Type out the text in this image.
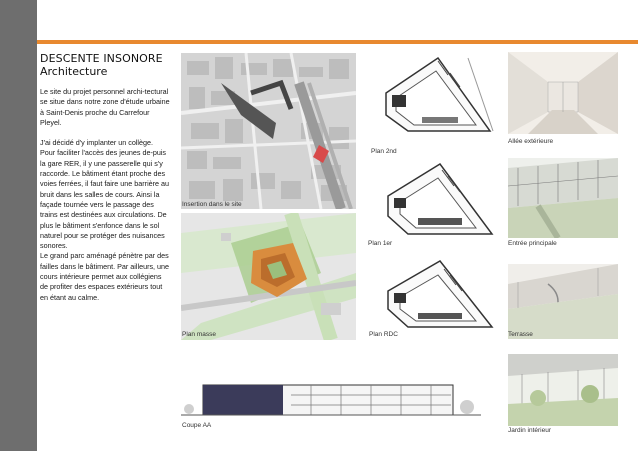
DESCENTE INSONORE
Architecture

Le site du projet personnel archi-tectural se situe dans notre zone d'étude urbaine à Saint-Denis proche du Carrefour Pleyel.

J'ai décidé d'y implanter un collège. Pour faciliter l'accès des jeunes de-puis la gare RER, il y une passerelle qui s'y raccorde. Le bâtiment étant proche des voies ferrées, il faut faire une barrière au bruit dans les salles de cours. Ainsi la façade tournée vers le passage des trains est destinées aux circulations. De plus le bâtiment s'enfonce dans le sol naturel pour se protéger des nuisances sonores.

Le grand parc aménagé pénètre par des failles dans le bâtiment. Par ailleurs, une cours intérieure permet aux collégiens de profiter des espaces extérieurs tout en étant au calme.

Insertion dans le site
Plan masse
Plan 2nd
Plan 1er
Plan RDC
Coupe AA
Allée extérieure
Entrée principale
Terrasse
Jardin intérieur
